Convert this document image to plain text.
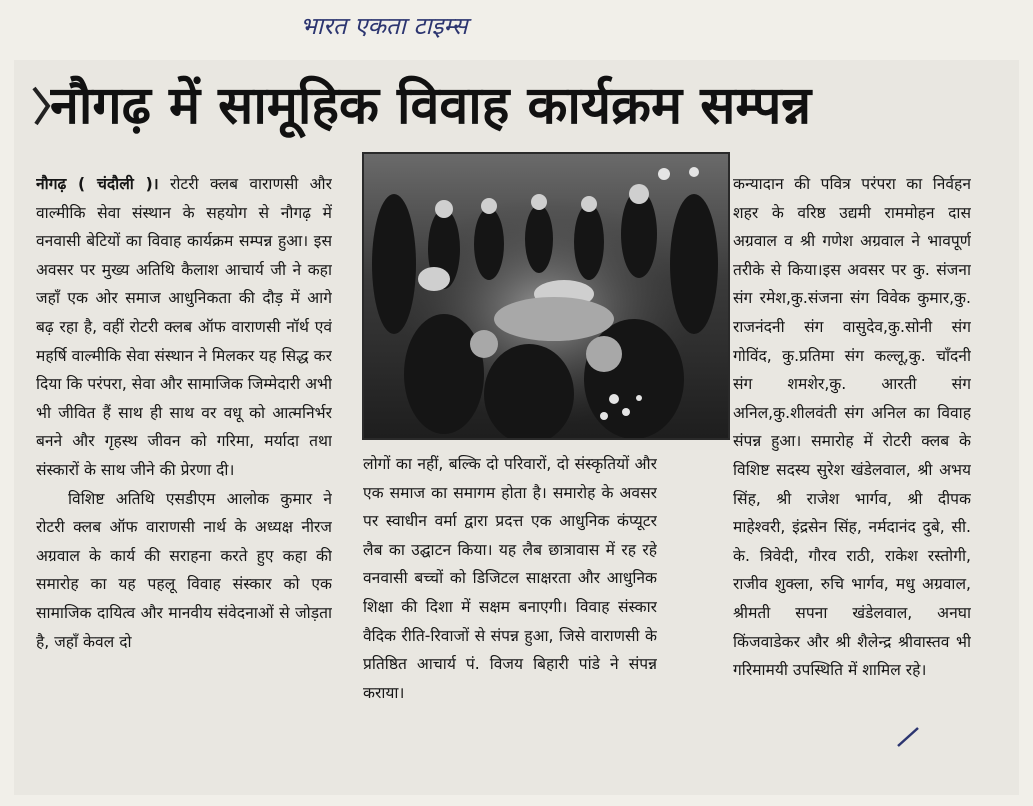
भारत एकता टाइम्स
नौगढ़ में सामूहिक विवाह कार्यक्रम सम्पन्न

नौगढ़ ( चंदौली )। रोटरी क्लब वाराणसी और वाल्मीकि सेवा संस्थान के सहयोग से नौगढ़ में वनवासी बेटियों का विवाह कार्यक्रम सम्पन्न हुआ। इस अवसर पर मुख्य अतिथि कैलाश आचार्य जी ने कहा जहाँ एक ओर समाज आधुनिकता की दौड़ में आगे बढ़ रहा है, वहीं रोटरी क्लब ऑफ वाराणसी नॉर्थ एवं महर्षि वाल्मीकि सेवा संस्थान ने मिलकर यह सिद्ध कर दिया कि परंपरा, सेवा और सामाजिक जिम्मेदारी अभी भी जीवित हैं साथ ही साथ वर वधू को आत्मनिर्भर बनने और गृहस्थ जीवन को गरिमा, मर्यादा तथा संस्कारों के साथ जीने की प्रेरणा दी।

विशिष्ट अतिथि एसडीएम आलोक कुमार ने रोटरी क्लब ऑफ वाराणसी नार्थ के अध्यक्ष नीरज अग्रवाल के कार्य की सराहना करते हुए कहा की समारोह का यह पहलू विवाह संस्कार को एक सामाजिक दायित्व और मानवीय संवेदनाओं से जोड़ता है, जहाँ केवल दो

लोगों का नहीं, बल्कि दो परिवारों, दो संस्कृतियों और एक समाज का समागम होता है। समारोह के अवसर पर स्वाधीन वर्मा द्वारा प्रदत्त एक आधुनिक कंप्यूटर लैब का उद्घाटन किया। यह लैब छात्रावास में रह रहे वनवासी बच्चों को डिजिटल साक्षरता और आधुनिक शिक्षा की दिशा में सक्षम बनाएगी। विवाह संस्कार वैदिक रीति-रिवाजों से संपन्न हुआ, जिसे वाराणसी के प्रतिष्ठित आचार्य पं. विजय बिहारी पांडे ने संपन्न कराया।

कन्यादान की पवित्र परंपरा का निर्वहन शहर के वरिष्ठ उद्यमी राममोहन दास अग्रवाल व श्री गणेश अग्रवाल ने भावपूर्ण तरीके से किया।इस अवसर पर कु. संजना संग रमेश,कु.संजना संग विवेक कुमार,कु. राजनंदनी संग वासुदेव,कु.सोनी संग गोविंद, कु.प्रतिमा संग कल्लू,कु. चाँदनी संग शमशेर,कु. आरती संग अनिल,कु.शीलवंती संग अनिल का विवाह संपन्न हुआ। समारोह में रोटरी क्लब के विशिष्ट सदस्य सुरेश खंडेलवाल, श्री अभय सिंह, श्री राजेश भार्गव, श्री दीपक माहेश्वरी, इंद्रसेन सिंह, नर्मदानंद दुबे, सी. के. त्रिवेदी, गौरव राठी, राकेश रस्तोगी, राजीव शुक्ला, रुचि भार्गव, मधु अग्रवाल, श्रीमती सपना खंडेलवाल, अनघा किंजवाडेकर और श्री शैलेन्द्र श्रीवास्तव भी गरिमामयी उपस्थिति में शामिल रहे।
